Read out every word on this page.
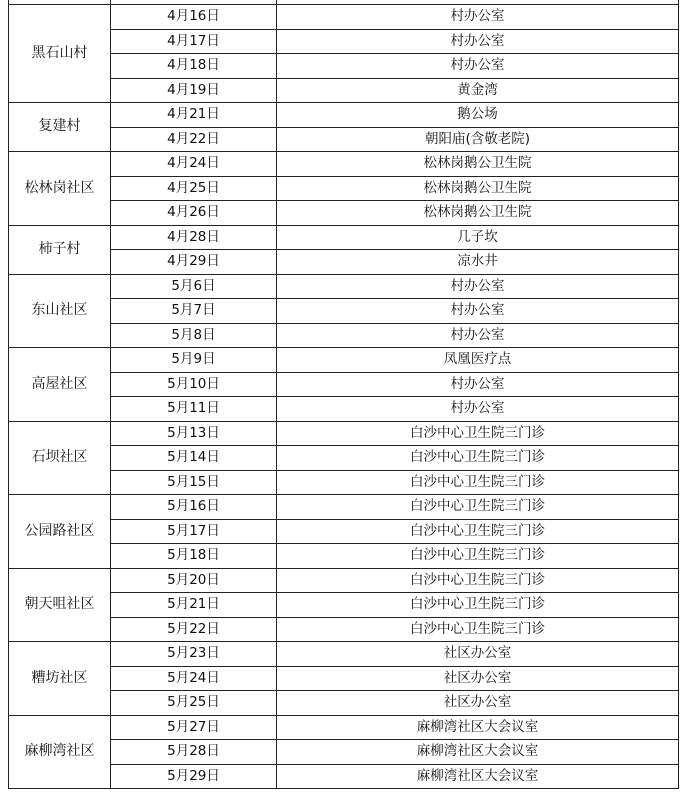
黑石山村	4月16日	村办公室
	4月17日	村办公室
	4月18日	村办公室
	4月19日	黄金湾
复建村	4月21日	鹅公场
	4月22日	朝阳庙(含敬老院)
松林岗社区	4月24日	松林岗鹅公卫生院
	4月25日	松林岗鹅公卫生院
	4月26日	松林岗鹅公卫生院
柿子村	4月28日	几子坎
	4月29日	凉水井
东山社区	5月6日	村办公室
	5月7日	村办公室
	5月8日	村办公室
高屋社区	5月9日	凤凰医疗点
	5月10日	村办公室
	5月11日	村办公室
石坝社区	5月13日	白沙中心卫生院三门诊
	5月14日	白沙中心卫生院三门诊
	5月15日	白沙中心卫生院三门诊
公园路社区	5月16日	白沙中心卫生院三门诊
	5月17日	白沙中心卫生院三门诊
	5月18日	白沙中心卫生院三门诊
朝天咀社区	5月20日	白沙中心卫生院三门诊
	5月21日	白沙中心卫生院三门诊
	5月22日	白沙中心卫生院三门诊
糟坊社区	5月23日	社区办公室
	5月24日	社区办公室
	5月25日	社区办公室
麻柳湾社区	5月27日	麻柳湾社区大会议室
	5月28日	麻柳湾社区大会议室
	5月29日	麻柳湾社区大会议室
